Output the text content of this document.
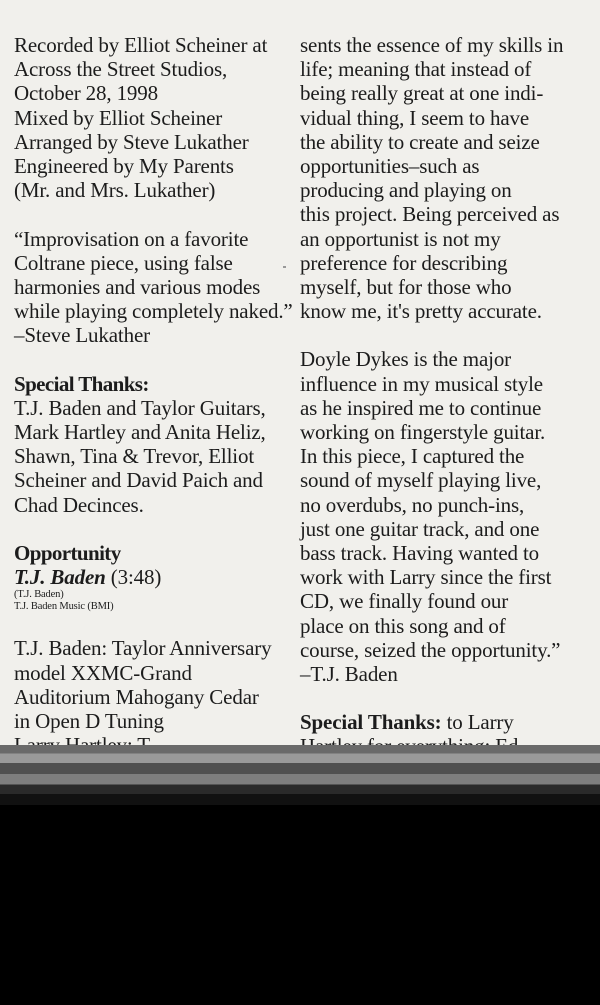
Recorded by Elliot Scheiner at
Across the Street Studios,
October 28, 1998
Mixed by Elliot Scheiner
Arranged by Steve Lukather
Engineered by My Parents
(Mr. and Mrs. Lukather)
“Improvisation on a favorite
Coltrane piece, using false
harmonies and various modes
while playing completely naked.”
–Steve Lukather
Special Thanks:
T.J. Baden and Taylor Guitars,
Mark Hartley and Anita Heliz,
Shawn, Tina & Trevor, Elliot
Scheiner and David Paich and
Chad Decinces.
Opportunity
T.J. Baden (3:48)
(T.J. Baden)
T.J. Baden Music (BMI)
T.J. Baden: Taylor Anniversary
model XXMC-Grand
Auditorium Mahogany Cedar
in Open D Tuning
sents the essence of my skills in
life; meaning that instead of
being really great at one indi-
vidual thing, I seem to have
the ability to create and seize
opportunities–such as
producing and playing on
this project. Being perceived as
an opportunist is not my
preference for describing
myself, but for those who
know me, it's pretty accurate.
Doyle Dykes is the major
influence in my musical style
as he inspired me to continue
working on fingerstyle guitar.
In this piece, I captured the
sound of myself playing live,
no overdubs, no punch-ins,
just one guitar track, and one
bass track. Having wanted to
work with Larry since the first
CD, we finally found our
place on this song and of
course, seized the opportunity.”
–T.J. Baden
Special Thanks: to Larry
